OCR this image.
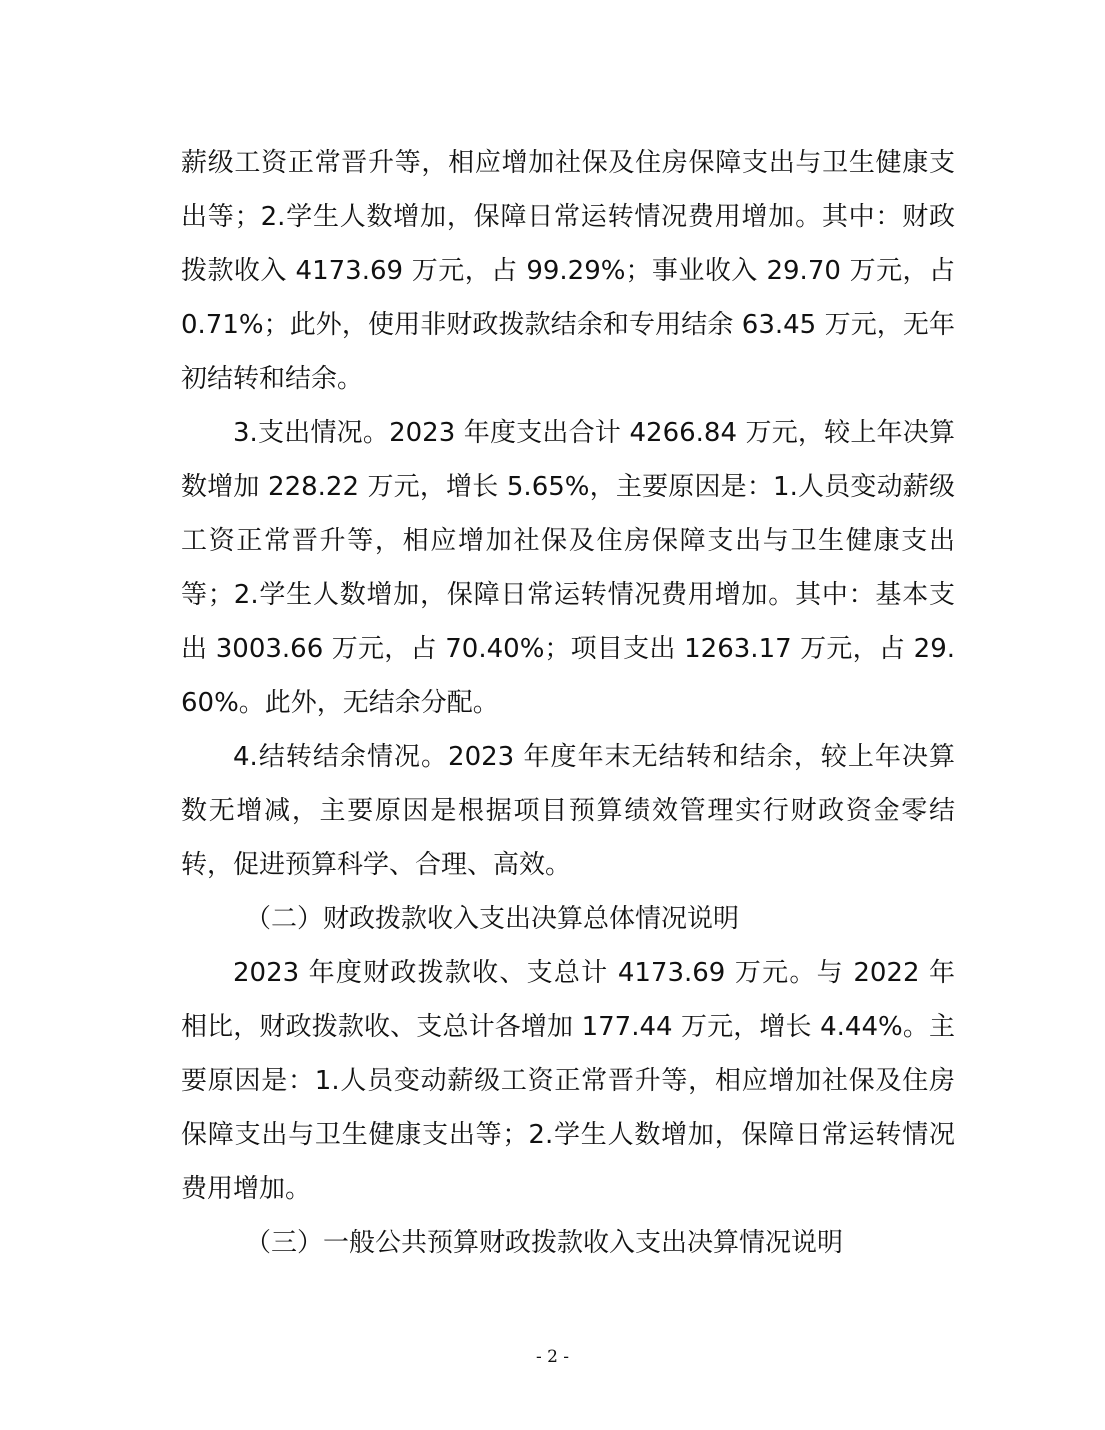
薪级工资正常晋升等，相应增加社保及住房保障支出与卫生健康支出等；2.学生人数增加，保障日常运转情况费用增加。其中：财政拨款收入 4173.69 万元，占 99.29%；事业收入 29.70 万元，占 0.71%；此外，使用非财政拨款结余和专用结余 63.45 万元，无年初结转和结余。

3.支出情况。2023 年度支出合计 4266.84 万元，较上年决算数增加 228.22 万元，增长 5.65%，主要原因是：1.人员变动薪级工资正常晋升等，相应增加社保及住房保障支出与卫生健康支出等；2.学生人数增加，保障日常运转情况费用增加。其中：基本支出 3003.66 万元，占 70.40%；项目支出 1263.17 万元，占 29.60%。此外，无结余分配。

4.结转结余情况。2023 年度年末无结转和结余，较上年决算数无增减，主要原因是根据项目预算绩效管理实行财政资金零结转，促进预算科学、合理、高效。

（二）财政拨款收入支出决算总体情况说明

2023 年度财政拨款收、支总计 4173.69 万元。与 2022 年相比，财政拨款收、支总计各增加 177.44 万元，增长 4.44%。主要原因是：1.人员变动薪级工资正常晋升等，相应增加社保及住房保障支出与卫生健康支出等；2.学生人数增加，保障日常运转情况费用增加。

（三）一般公共预算财政拨款收入支出决算情况说明

- 2 -
